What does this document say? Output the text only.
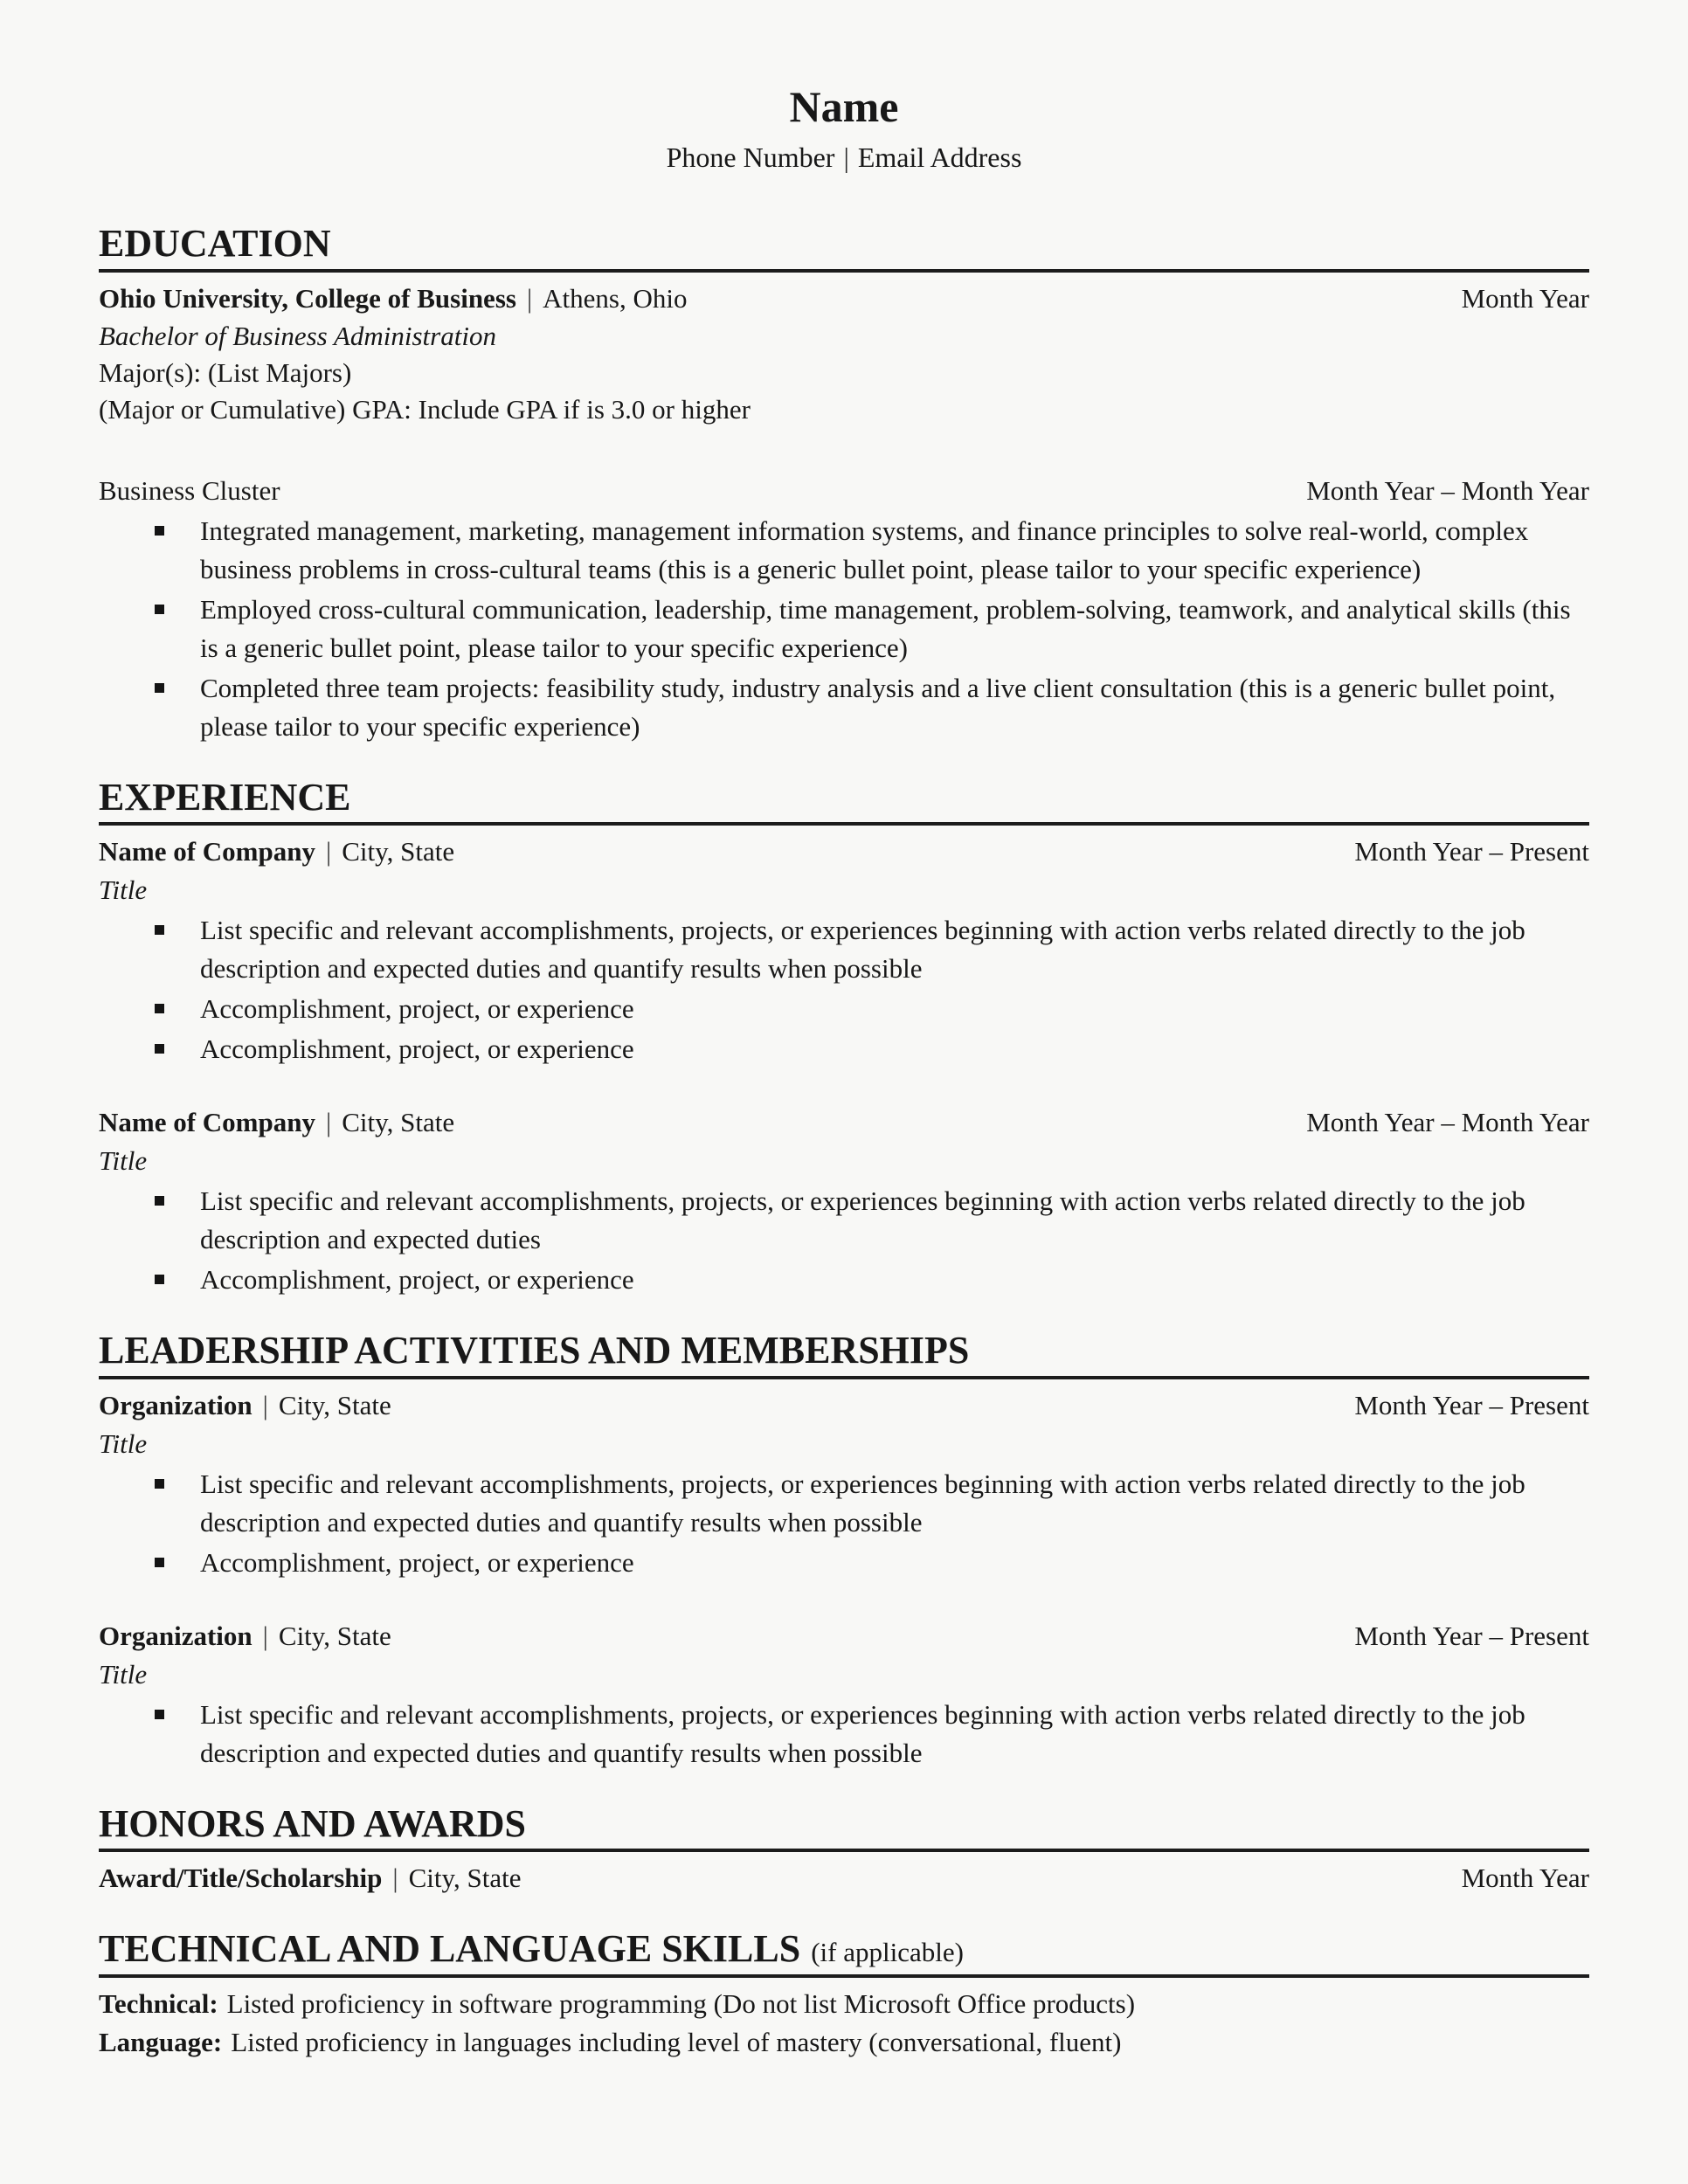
Name
Phone Number | Email Address
EDUCATION
Ohio University, College of Business | Athens, Ohio	Month Year
Bachelor of Business Administration
Major(s): (List Majors)
(Major or Cumulative) GPA: Include GPA if is 3.0 or higher
Business Cluster	Month Year – Month Year
Integrated management, marketing, management information systems, and finance principles to solve real-world, complex business problems in cross-cultural teams (this is a generic bullet point, please tailor to your specific experience)
Employed cross-cultural communication, leadership, time management, problem-solving, teamwork, and analytical skills (this is a generic bullet point, please tailor to your specific experience)
Completed three team projects: feasibility study, industry analysis and a live client consultation (this is a generic bullet point, please tailor to your specific experience)
EXPERIENCE
Name of Company | City, State	Month Year – Present
Title
List specific and relevant accomplishments, projects, or experiences beginning with action verbs related directly to the job description and expected duties and quantify results when possible
Accomplishment, project, or experience
Accomplishment, project, or experience
Name of Company | City, State	Month Year – Month Year
Title
List specific and relevant accomplishments, projects, or experiences beginning with action verbs related directly to the job description and expected duties
Accomplishment, project, or experience
LEADERSHIP ACTIVITIES AND MEMBERSHIPS
Organization | City, State	Month Year – Present
Title
List specific and relevant accomplishments, projects, or experiences beginning with action verbs related directly to the job description and expected duties and quantify results when possible
Accomplishment, project, or experience
Organization | City, State	Month Year – Present
Title
List specific and relevant accomplishments, projects, or experiences beginning with action verbs related directly to the job description and expected duties and quantify results when possible
HONORS AND AWARDS
Award/Title/Scholarship | City, State	Month Year
TECHNICAL AND LANGUAGE SKILLS (if applicable)
Technical: Listed proficiency in software programming (Do not list Microsoft Office products)
Language: Listed proficiency in languages including level of mastery (conversational, fluent)
